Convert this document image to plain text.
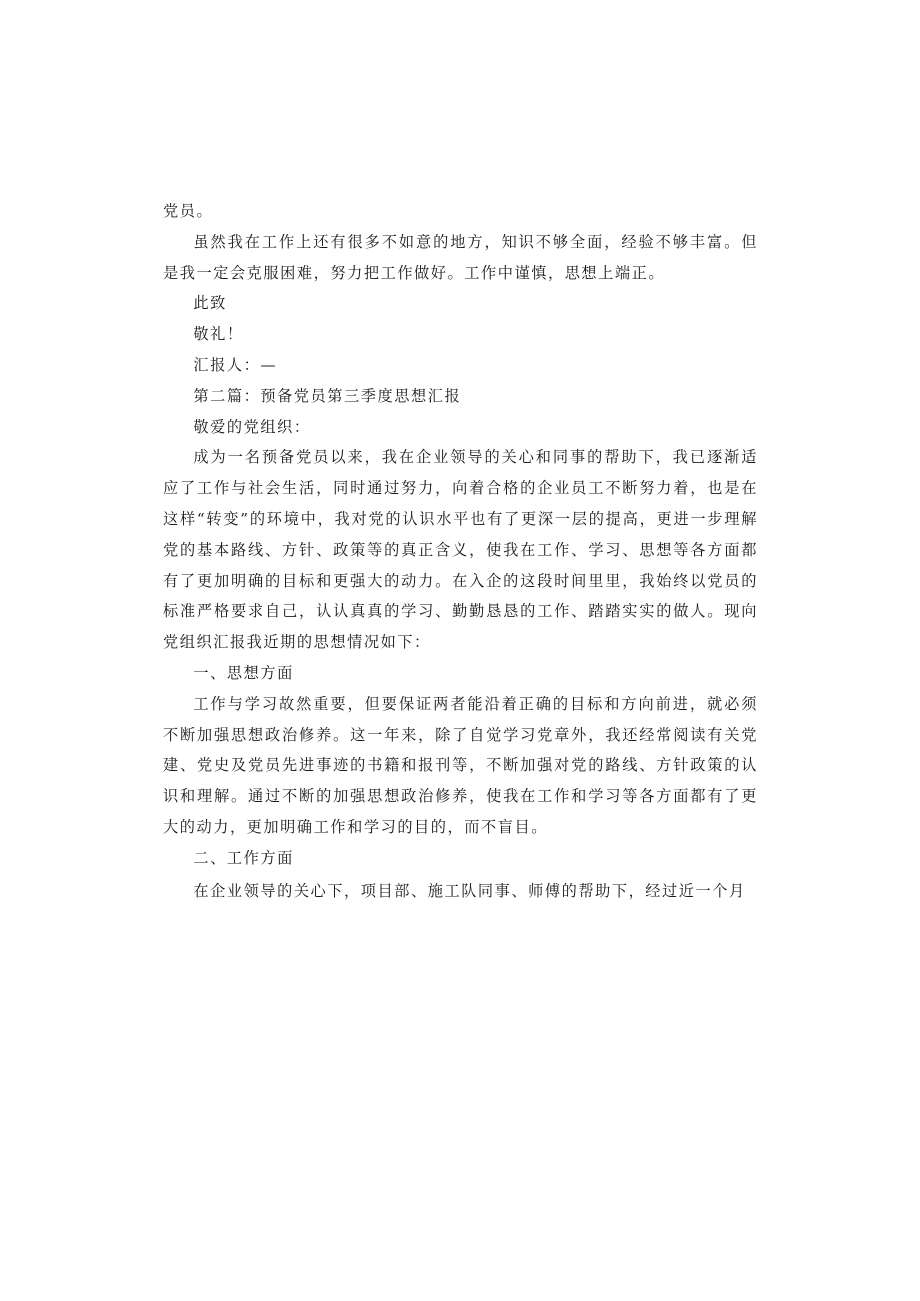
党员。

虽然我在工作上还有很多不如意的地方，知识不够全面，经验不够丰富。但是我一定会克服困难，努力把工作做好。工作中谨慎，思想上端正。

此致

敬礼！

汇报人：—

第二篇：预备党员第三季度思想汇报

敬爱的党组织：

成为一名预备党员以来，我在企业领导的关心和同事的帮助下，我已逐渐适应了工作与社会生活，同时通过努力，向着合格的企业员工不断努力着，也是在这样“转变”的环境中，我对党的认识水平也有了更深一层的提高，更进一步理解党的基本路线、方针、政策等的真正含义，使我在工作、学习、思想等各方面都有了更加明确的目标和更强大的动力。在入企的这段时间里里，我始终以党员的标准严格要求自己，认认真真的学习、勤勤恳恳的工作、踏踏实实的做人。现向党组织汇报我近期的思想情况如下：

一、思想方面

工作与学习故然重要，但要保证两者能沿着正确的目标和方向前进，就必须不断加强思想政治修养。这一年来，除了自觉学习党章外，我还经常阅读有关党建、党史及党员先进事迹的书籍和报刊等，不断加强对党的路线、方针政策的认识和理解。通过不断的加强思想政治修养，使我在工作和学习等各方面都有了更大的动力，更加明确工作和学习的目的，而不盲目。

二、工作方面

在企业领导的关心下，项目部、施工队同事、师傅的帮助下，经过近一个月
